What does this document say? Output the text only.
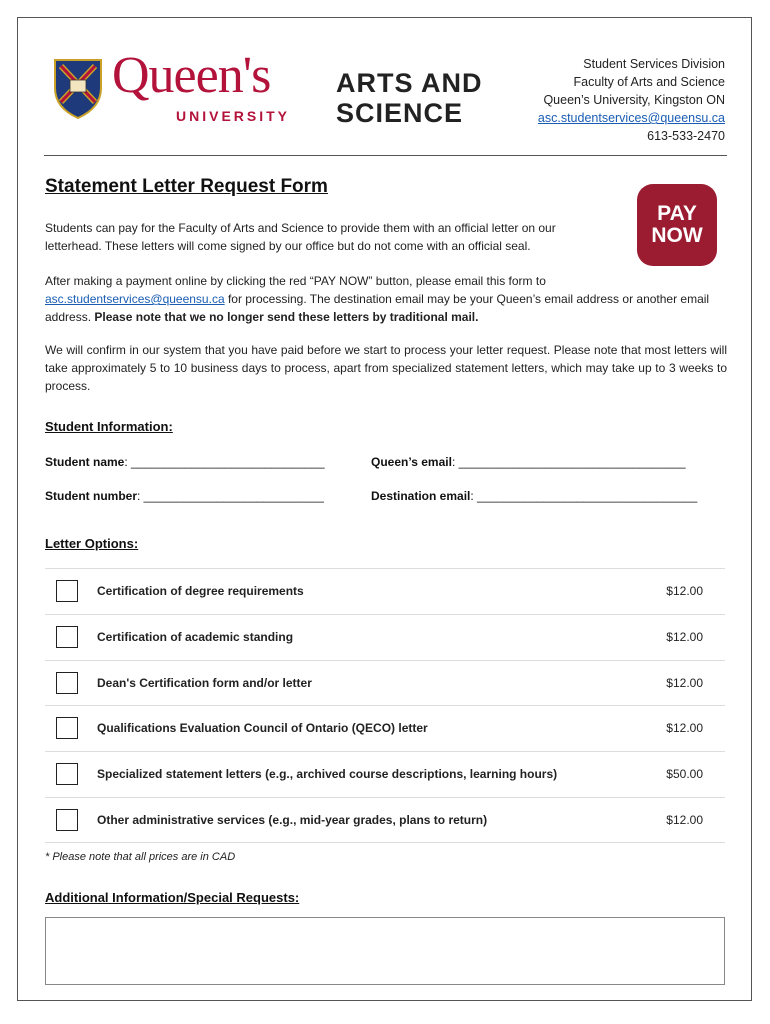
Queen's
UNIVERSITY
ARTS AND
SCIENCE
Student Services Division
Faculty of Arts and Science
Queen’s University, Kingston ON
asc.studentservices@queensu.ca
613-533-2470
Statement Letter Request Form
Students can pay for the Faculty of Arts and Science to provide them with an official letter on our letterhead. These letters will come signed by our office but do not come with an official seal.
PAY
NOW
After making a payment online by clicking the red “PAY NOW” button, please email this form to
asc.studentservices@queensu.ca for processing. The destination email may be your Queen’s email address or another email address. Please note that we no longer send these letters by traditional mail.
We will confirm in our system that you have paid before we start to process your letter request. Please note that most letters will take approximately 5 to 10 business days to process, apart from specialized statement letters, which may take up to 3 weeks to process.
Student Information:
Student name: _____________________________	Queen’s email: __________________________________
Student number: ___________________________	Destination email: _________________________________
Letter Options:
Certification of degree requirements	$12.00
Certification of academic standing	$12.00
Dean's Certification form and/or letter	$12.00
Qualifications Evaluation Council of Ontario (QECO) letter	$12.00
Specialized statement letters (e.g., archived course descriptions, learning hours)	$50.00
Other administrative services (e.g., mid-year grades, plans to return)	$12.00
* Please note that all prices are in CAD
Additional Information/Special Requests:
